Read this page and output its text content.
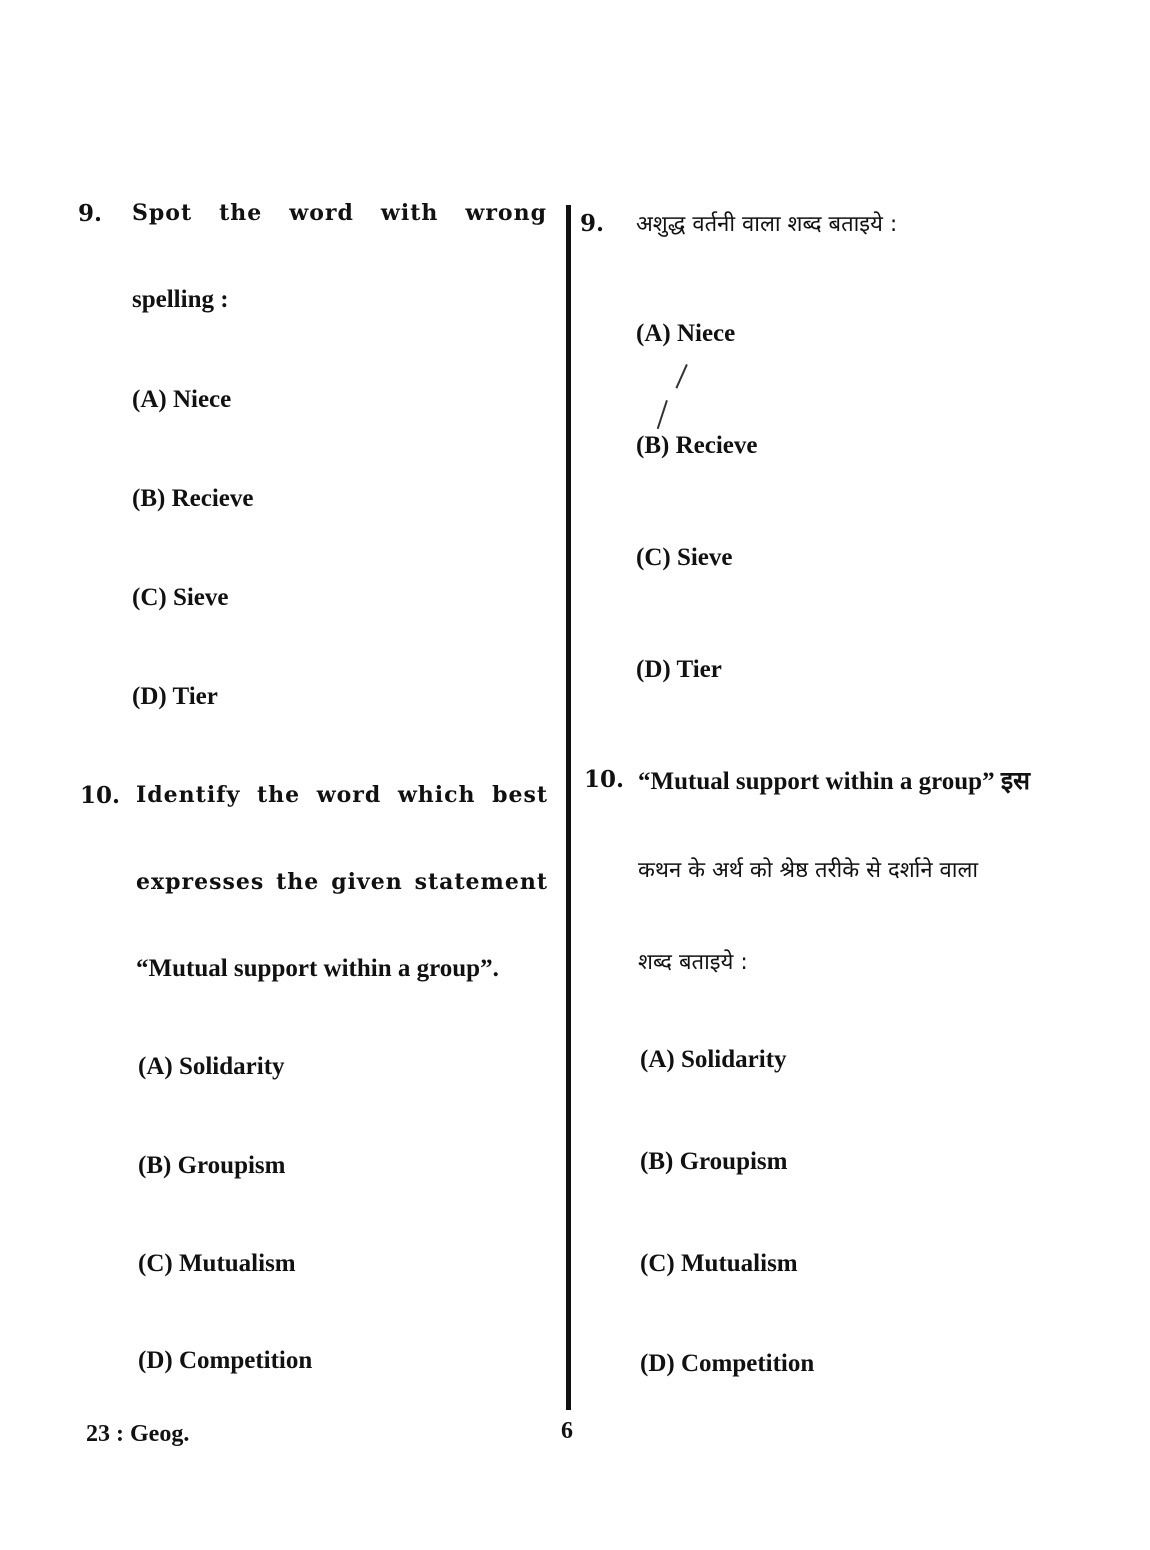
9. Spot the word with wrong
spelling :
(A) Niece
(B) Recieve
(C) Sieve
(D) Tier
10. Identify the word which best
expresses the given statement
“Mutual support within a group”.
(A) Solidarity
(B) Groupism
(C) Mutualism
(D) Competition
9. अशुद्ध वर्तनी वाला शब्द बताइये :
(A) Niece
(B) Recieve
(C) Sieve
(D) Tier
10. “Mutual support within a group” इस
कथन के अर्थ को श्रेष्ठ तरीके से दर्शाने वाला
शब्द बताइये :
(A) Solidarity
(B) Groupism
(C) Mutualism
(D) Competition
23 : Geog.	6
